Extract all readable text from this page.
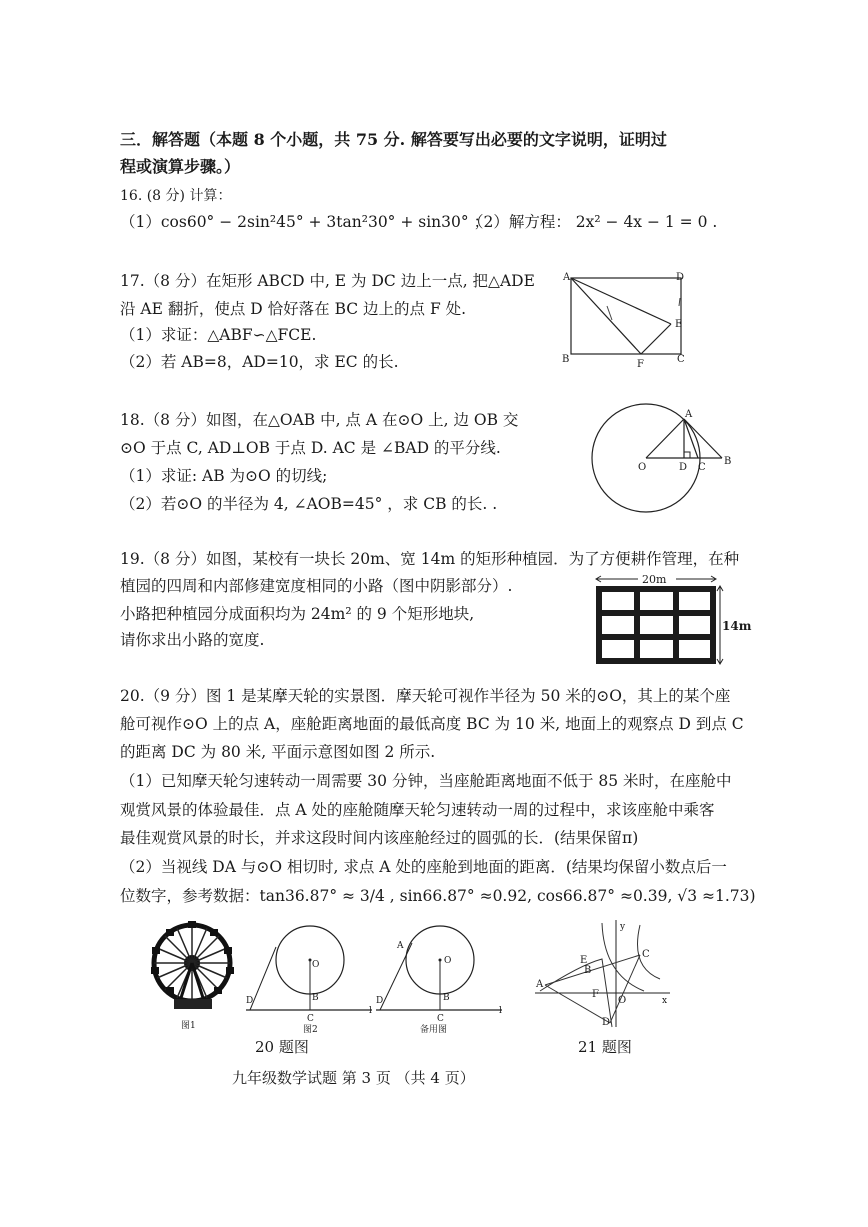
三．解答题（本题 8 个小题，共 75 分. 解答要写出必要的文字说明，证明过
程或演算步骤。）
16. (8 分) 计算：
（1）cos60° − 2sin²45° + 3tan²30° + sin30° ；
（2）解方程： 2x² − 4x − 1 = 0 .
17.（8 分）在矩形 ABCD 中, E 为 DC 边上一点, 把△ADE
沿 AE 翻折，使点 D 恰好落在 BC 边上的点 F 处.
（1）求证：△ABF∽△FCE.
（2）若 AB=8，AD=10，求 EC 的长.
A	D
B	C
E
F
18.（8 分）如图，在△OAB 中, 点 A 在⊙O 上, 边 OB 交
⊙O 于点 C, AD⊥OB 于点 D. AC 是 ∠BAD 的平分线.
（1）求证: AB 为⊙O 的切线;
（2）若⊙O 的半径为 4, ∠AOB=45° ，求 CB 的长. .
A
O	D C
B
19.（8 分）如图，某校有一块长 20m、宽 14m 的矩形种植园．为了方便耕作管理，在种
植园的四周和内部修建宽度相同的小路（图中阴影部分）.
小路把种植园分成面积均为 24m² 的 9 个矩形地块,
请你求出小路的宽度.
20m
14m
20.（9 分）图 1 是某摩天轮的实景图．摩天轮可视作半径为 50 米的⊙O，其上的某个座
舱可视作⊙O 上的点 A，座舱距离地面的最低高度 BC 为 10 米, 地面上的观察点 D 到点 C
的距离 DC 为 80 米, 平面示意图如图 2 所示.
（1）已知摩天轮匀速转动一周需要 30 分钟，当座舱距离地面不低于 85 米时，在座舱中
观赏风景的体验最佳．点 A 处的座舱随摩天轮匀速转动一周的过程中，求该座舱中乘客
最佳观赏风景的时长，并求这段时间内该座舱经过的圆弧的长．(结果保留π)
（2）当视线 DA 与⊙O 相切时, 求点 A 处的座舱到地面的距离．(结果均保留小数点后一
位数字，参考数据：tan36.87° ≈ 3/4 , sin66.87° ≈0.92, cos66.87° ≈0.39, √3 ≈1.73)
图1
O
B
C
D
l
图2
A
O
B
C
D
l
备用图
y
x
A
B
C
D
E
F
O
20 题图	21 题图
九年级数学试题 第 3 页 （共 4 页）
